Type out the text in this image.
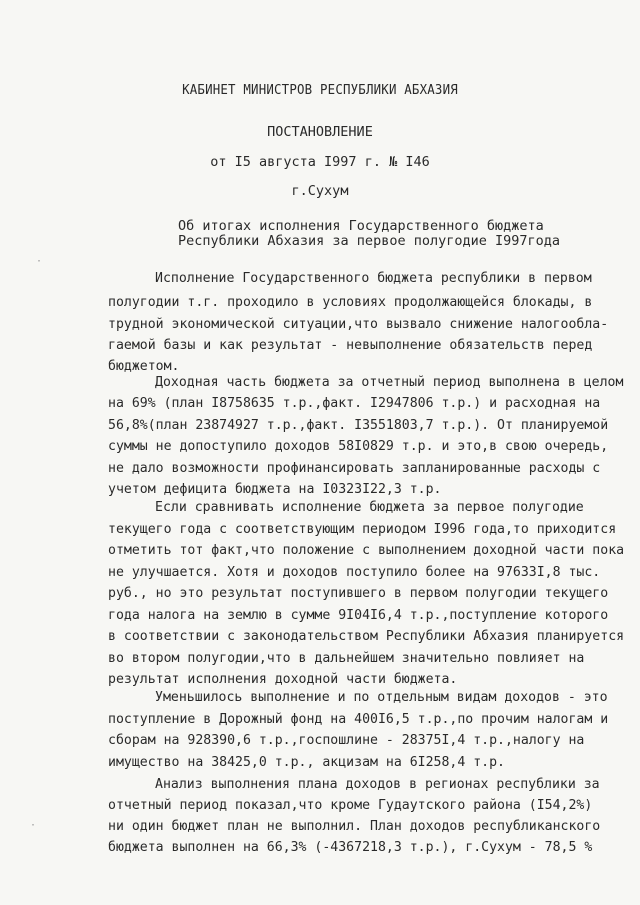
КАБИНЕТ МИНИСТРОВ РЕСПУБЛИКИ АБХАЗИЯ
ПОСТАНОВЛЕНИЕ
от I5 августа I997 г. № I46
г.Сухум
Об итогах исполнения Государственного бюджета
Республики Абхазия за первое полугодие I997года
Исполнение Государственного бюджета республики в первом
полугодии т.г. проходило в условиях продолжающейся блокады, в
трудной экономической ситуации,что вызвало снижение налогообла-
гаемой базы и как результат - невыполнение обязательств перед
бюджетом.
Доходная часть бюджета за отчетный период выполнена в целом
на 69% (план I8758635 т.р.,факт. I2947806 т.р.) и расходная на
56,8%(план 23874927 т.р.,факт. I3551803,7 т.р.). От планируемой
суммы не допоступило доходов 58I0829 т.р. и это,в свою очередь,
не дало возможности профинансировать запланированные расходы с
учетом дефицита бюджета на I0323I22,3 т.р.
Если сравнивать исполнение бюджета за первое полугодие
текущего года с соответствующим периодом I996 года,то приходится
отметить тот факт,что положение с выполнением доходной части пока
не улучшается. Хотя и доходов поступило более на 97633I,8 тыс.
руб., но это результат поступившего в первом полугодии текущего
года налога на землю в сумме 9I04I6,4 т.р.,поступление которого
в соответствии с законодательством Республики Абхазия планируется
во втором полугодии,что в дальнейшем значительно повлияет на
результат исполнения доходной части бюджета.
Уменьшилось выполнение и по отдельным видам доходов - это
поступление в Дорожный фонд на 400I6,5 т.р.,по прочим налогам и
сборам на 928390,6 т.р.,госпошлине - 28375I,4 т.р.,налогу на
имущество на 38425,0 т.р., акцизам на 6I258,4 т.р.
Анализ выполнения плана доходов в регионах республики за
отчетный период показал,что кроме Гудаутского района (I54,2%)
ни один бюджет план не выполнил. План доходов республиканского
бюджета выполнен на 66,3% (-4367218,3 т.р.), г.Сухум - 78,5 %
·
·
